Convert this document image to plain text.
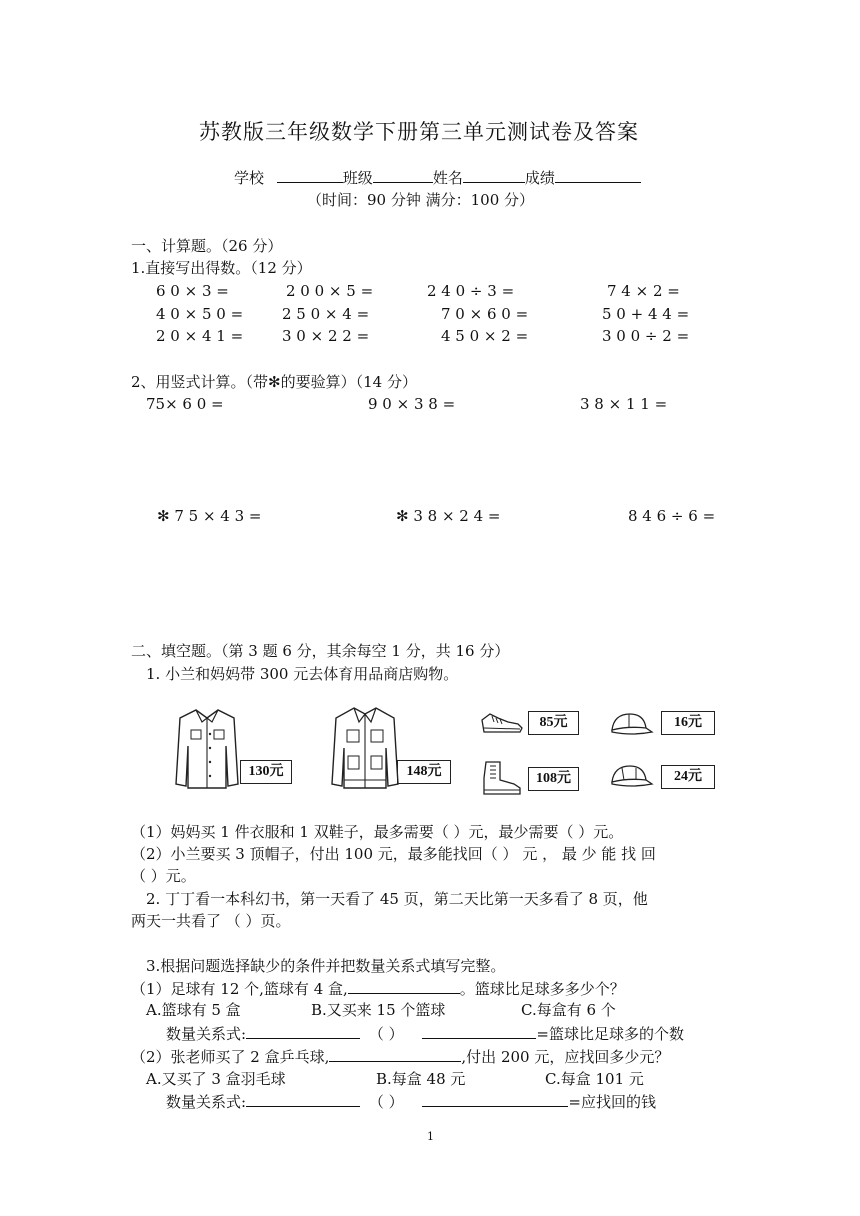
苏教版三年级数学下册第三单元测试卷及答案
学校	班级	姓名	成绩
（时间：90 分钟 满分：100 分）
一、计算题。（26 分）
1.直接写出得数。（12 分）
6 0 × 3 =	2 0 0 × 5 =	2 4 0 ÷ 3 =	7 4 × 2 =
4 0 × 5 0 =	2 5 0 × 4 =	7 0 × 6 0 =	5 0 + 4 4 =
2 0 × 4 1 =	3 0 × 2 2 =	4 5 0 × 2 =	3 0 0 ÷ 2 =
2、用竖式计算。（带✻的要验算）（14 分）
75× 6 0 =	9 0 × 3 8 =	3 8 × 1 1 =
✻ 7 5 × 4 3 =	✻ 3 8 × 2 4 =	8 4 6 ÷ 6 =
二、填空题。（第 3 题 6 分，其余每空 1 分，共 16 分）
1. 小兰和妈妈带 300 元去体育用品商店购物。
130元	148元
85元
108元
16元
24元
（1）妈妈买 1 件衣服和 1 双鞋子，最多需要（ ）元，最少需要（ ）元。
（2）小兰要买 3 顶帽子，付出 100 元，最多能找回（ ） 元 ， 最 少 能 找 回
（ ）元。
2. 丁丁看一本科幻书，第一天看了 45 页，第二天比第一天多看了 8 页，他
两天一共看了 （ ）页。
3.根据问题选择缺少的条件并把数量关系式填写完整。
（1）足球有 12 个,篮球有 4 盒,	。篮球比足球多多少个？
A.篮球有 5 盒	B.又买来 15 个篮球	C.每盒有 6 个
数量关系式:	（ ）	=篮球比足球多的个数
（2）张老师买了 2 盒乒乓球,	,付出 200 元，应找回多少元？
A.又买了 3 盒羽毛球	B.每盒 48 元	C.每盒 101 元
数量关系式:	（ ）	=应找回的钱
1
